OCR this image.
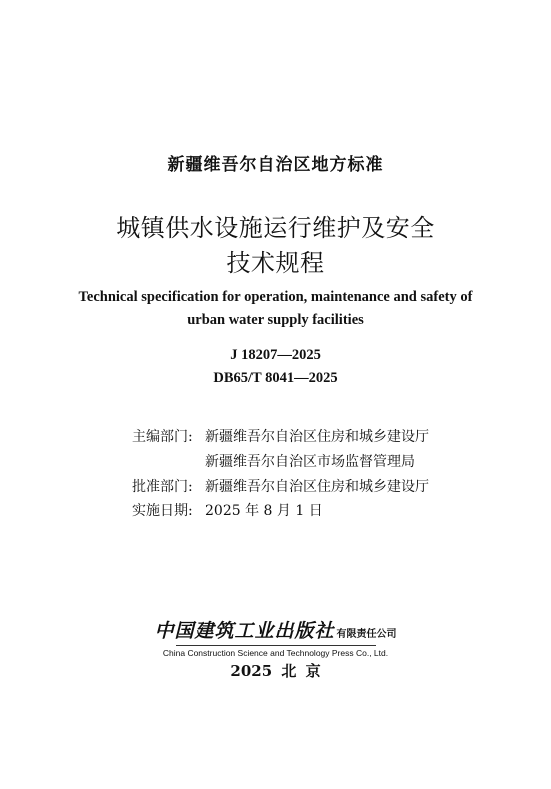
新疆维吾尔自治区地方标准
城镇供水设施运行维护及安全
技术规程
Technical specification for operation, maintenance and safety of
urban water supply facilities
J 18207—2025
DB65/T 8041—2025
主编部门: 新疆维吾尔自治区住房和城乡建设厅
新疆维吾尔自治区市场监督管理局
批准部门: 新疆维吾尔自治区住房和城乡建设厅
实施日期: 2025 年 8 月 1 日
中国建筑工业出版社 有限责任公司
China Construction Science and Technology Press Co., Ltd.
2025 北 京
